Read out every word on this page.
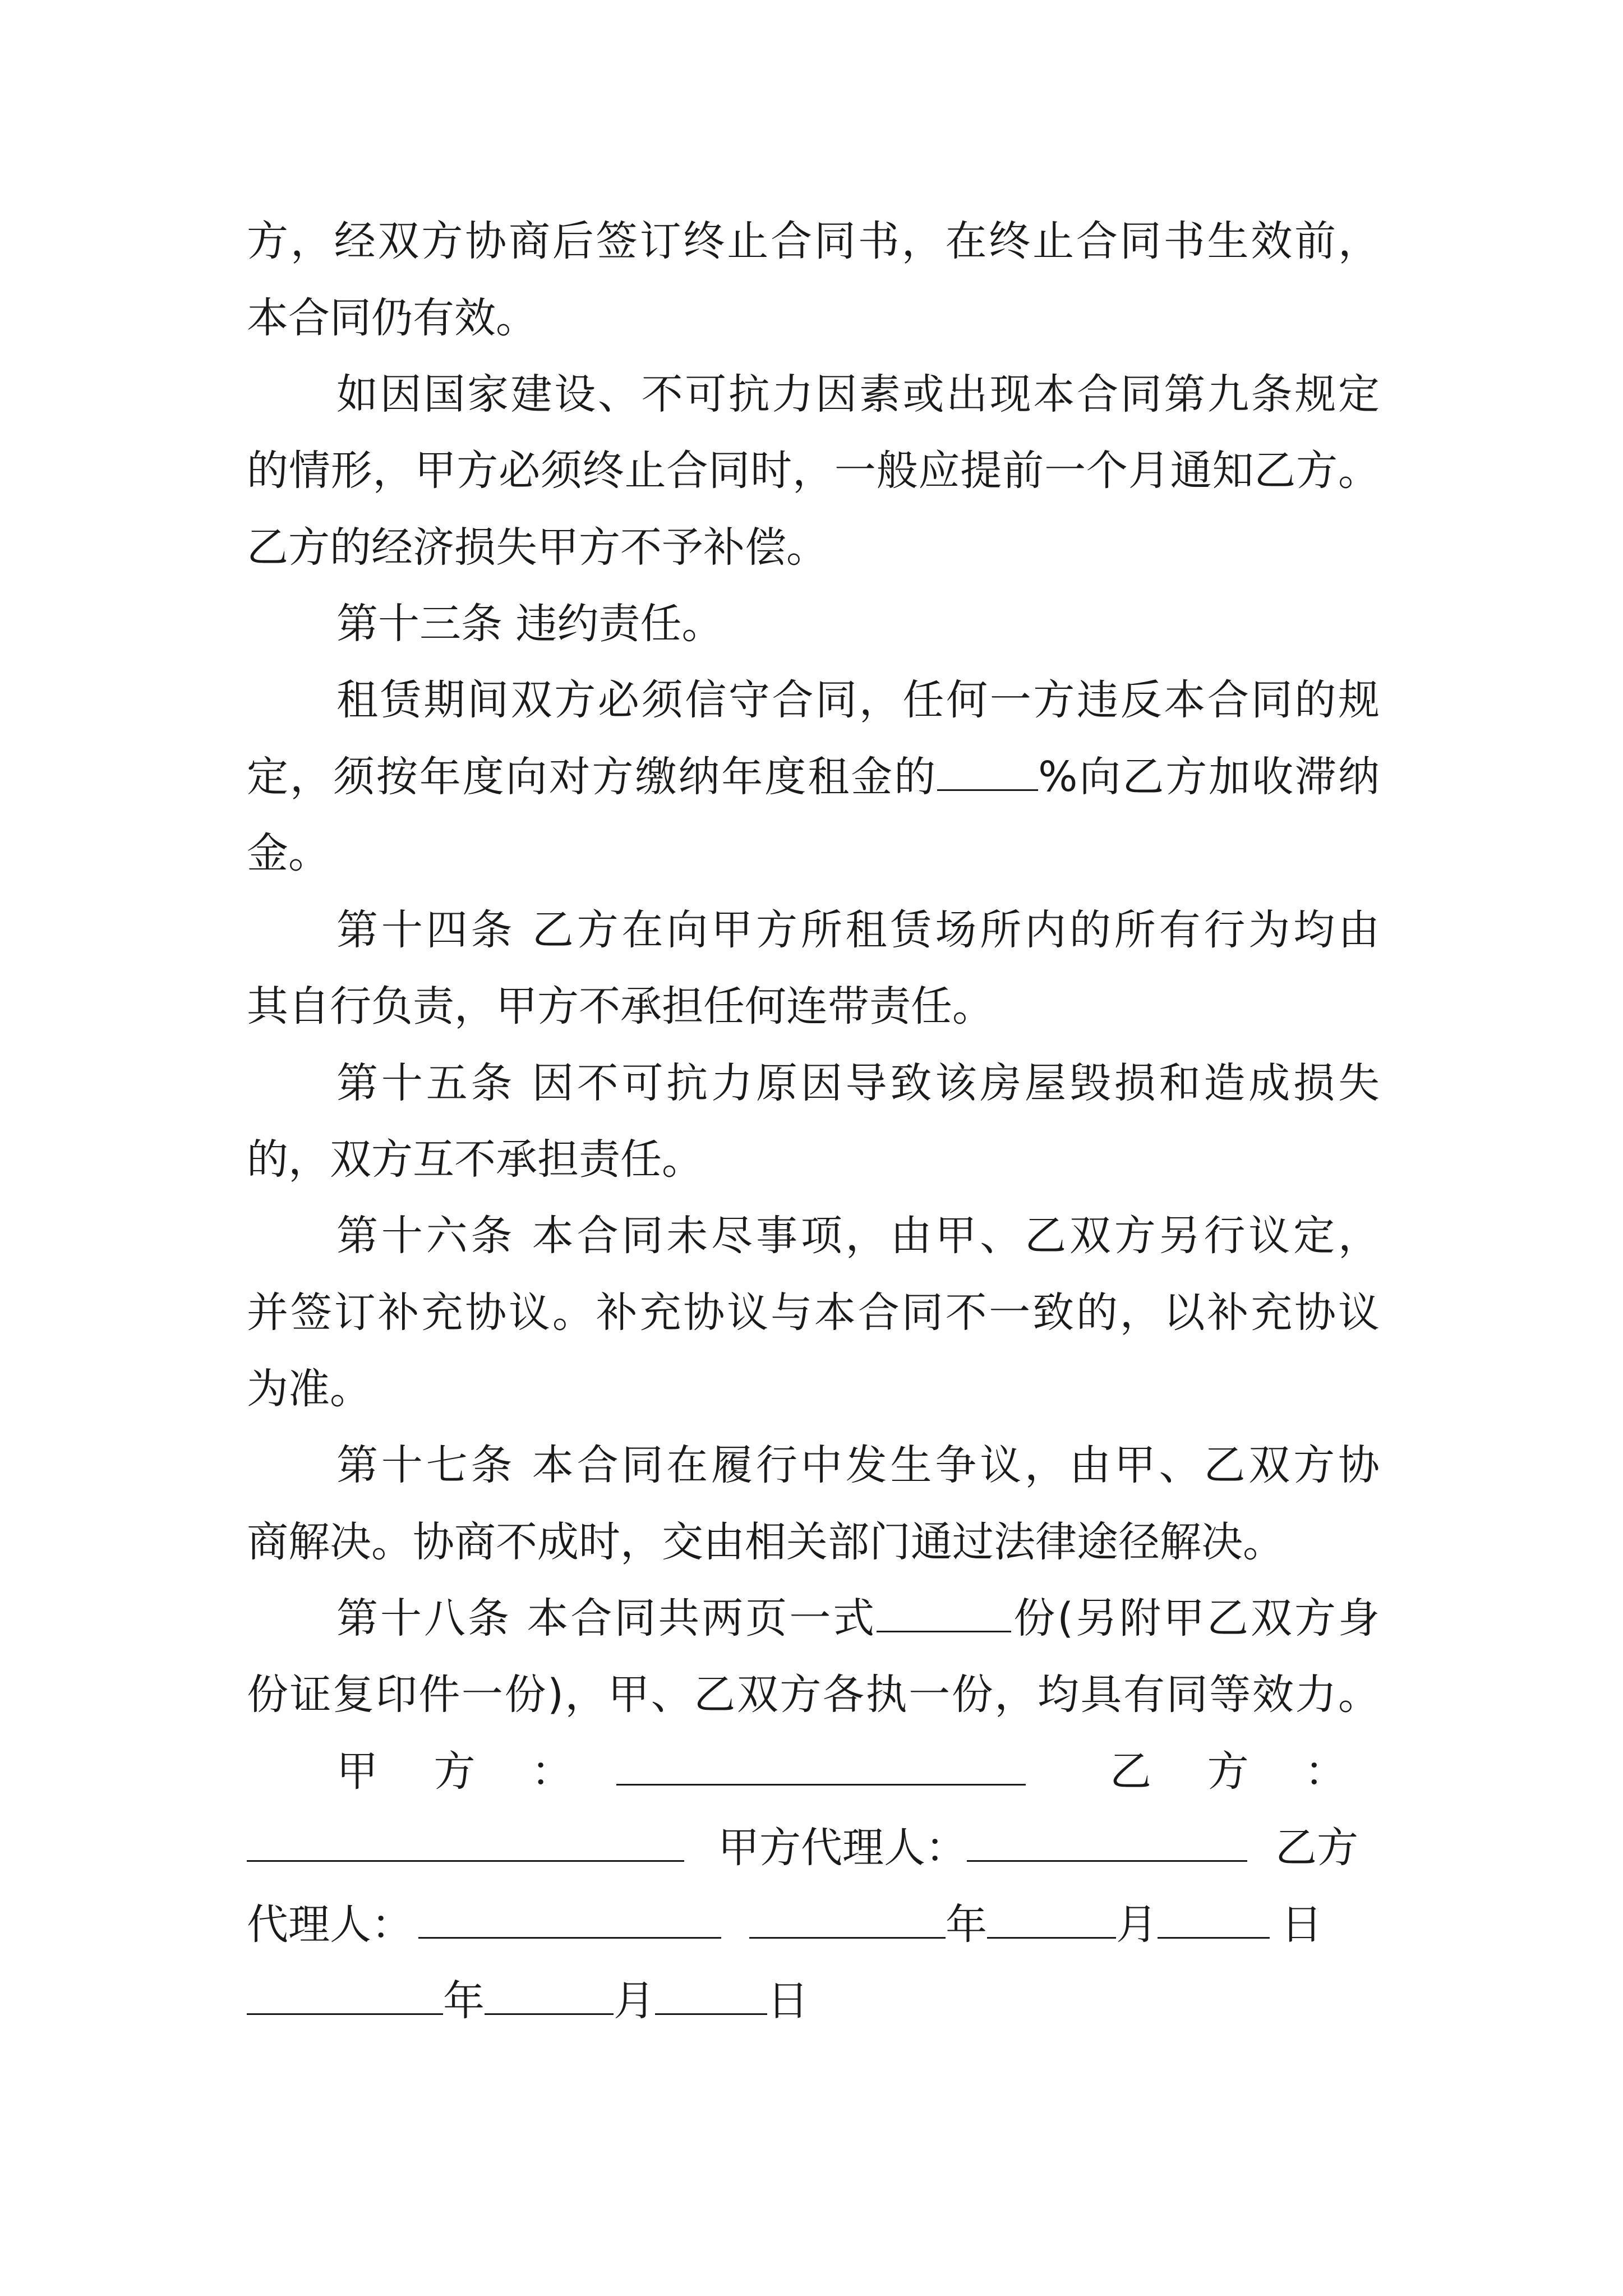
方，经双方协商后签订终止合同书，在终止合同书生效前，
本合同仍有效。
如因国家建设、不可抗力因素或出现本合同第九条规定
的情形，甲方必须终止合同时，一般应提前一个月通知乙方。
乙方的经济损失甲方不予补偿。
第十三条 违约责任。
租赁期间双方必须信守合同，任何一方违反本合同的规
定，须按年度向对方缴纳年度租金的 %向乙方加收滞纳
金。
第十四条 乙方在向甲方所租赁场所内的所有行为均由
其自行负责，甲方不承担任何连带责任。
第十五条 因不可抗力原因导致该房屋毁损和造成损失
的，双方互不承担责任。
第十六条 本合同未尽事项，由甲、乙双方另行议定，
并签订补充协议。补充协议与本合同不一致的，以补充协议
为准。
第十七条 本合同在履行中发生争议，由甲、乙双方协
商解决。协商不成时，交由相关部门通过法律途径解决。
第十八条 本合同共两页一式	份(另附甲乙双方身
份证复印件一份)，甲、乙双方各执一份，均具有同等效力。
甲 方 ：	乙 方 ：
甲方代理人：	乙方
代理人：	年	月	日
年	月	日
